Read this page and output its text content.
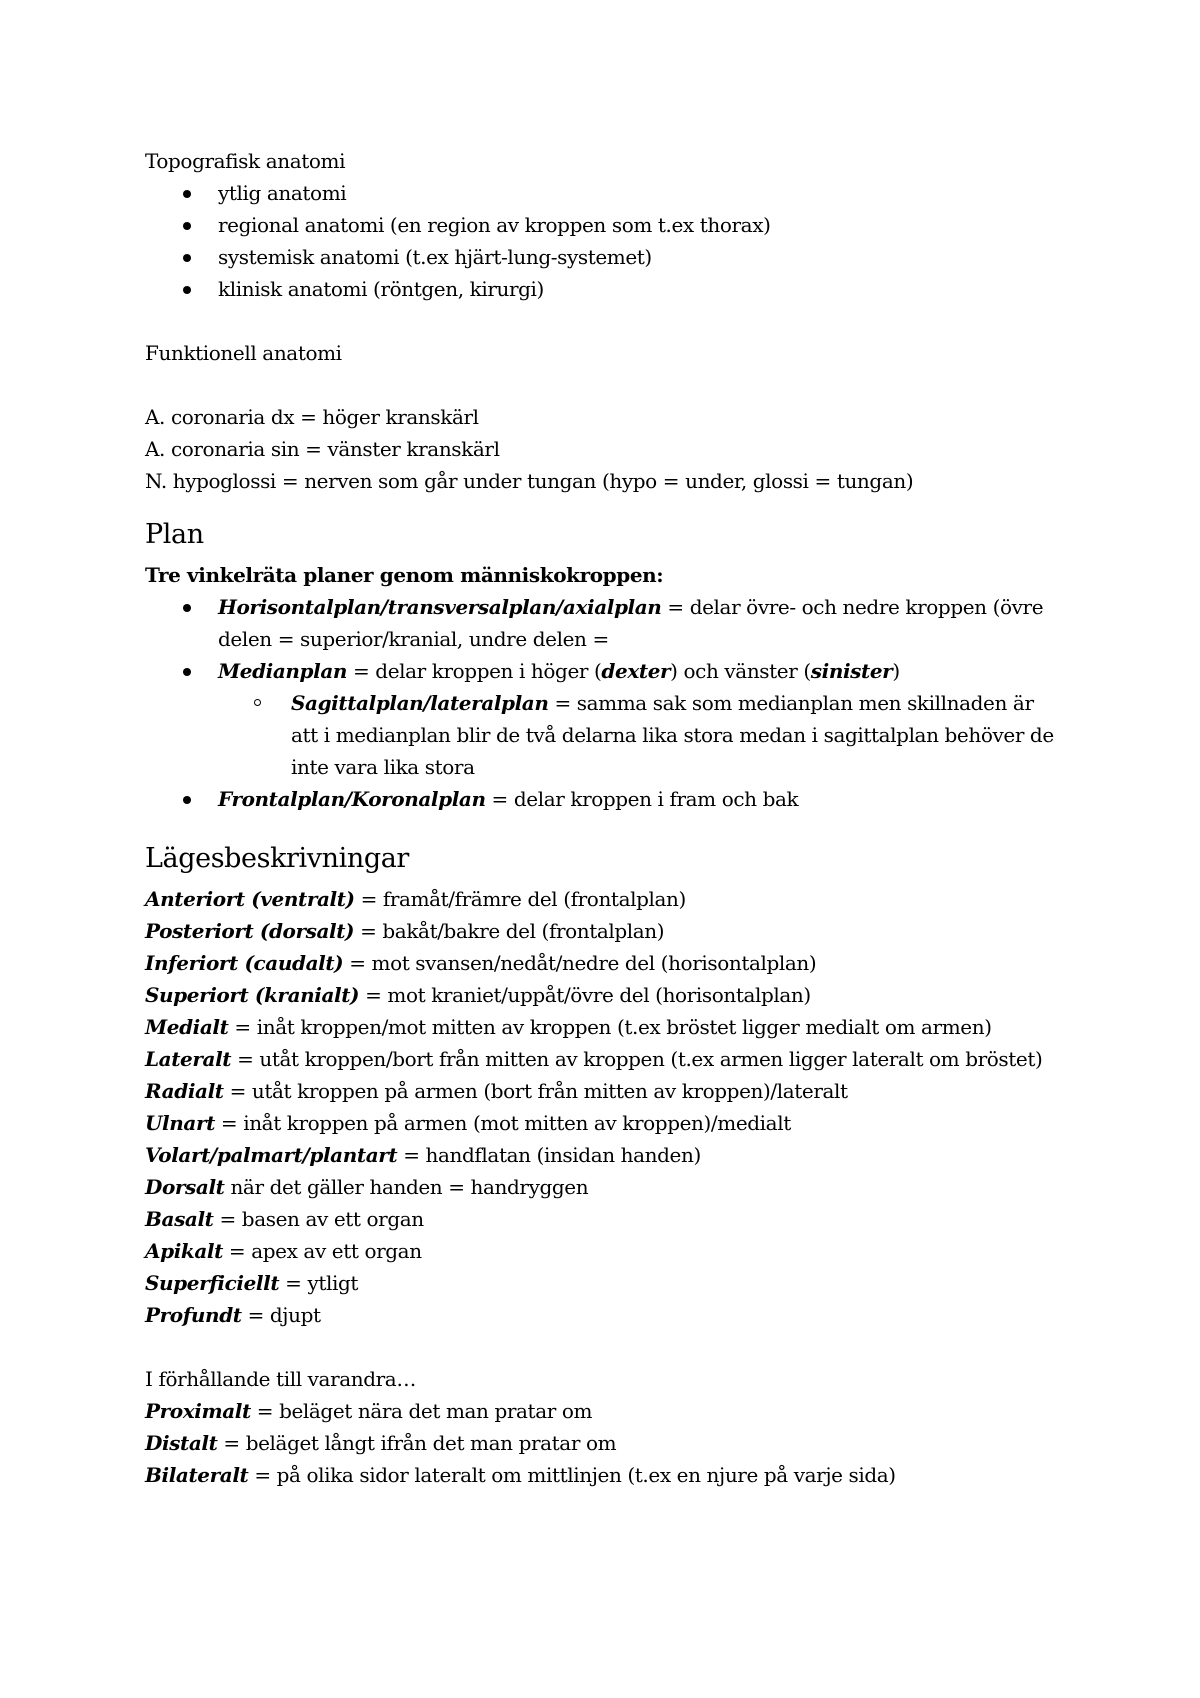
Topografisk anatomi

ytlig anatomi
regional anatomi (en region av kroppen som t.ex thorax)
systemisk anatomi (t.ex hjärt-lung-systemet)
klinisk anatomi (röntgen, kirurgi)

Funktionell anatomi

A. coronaria dx = höger kranskärl

A. coronaria sin = vänster kranskärl

N. hypoglossi = nerven som går under tungan (hypo = under, glossi = tungan)

Plan

Tre vinkelräta planer genom människokroppen:

Horisontalplan/transversalplan/axialplan = delar övre- och nedre kroppen (övre delen = superior/kranial, undre delen =
Medianplan = delar kroppen i höger (dexter) och vänster (sinister)
Sagittalplan/lateralplan = samma sak som medianplan men skillnaden är att i medianplan blir de två delarna lika stora medan i sagittalplan behöver de inte vara lika stora
Frontalplan/Koronalplan = delar kroppen i fram och bak
Lägesbeskrivningar

Anteriort (ventralt) = framåt/främre del (frontalplan)

Posteriort (dorsalt) = bakåt/bakre del (frontalplan)

Inferiort (caudalt) = mot svansen/nedåt/nedre del (horisontalplan)

Superiort (kranialt) = mot kraniet/uppåt/övre del (horisontalplan)

Medialt = inåt kroppen/mot mitten av kroppen (t.ex bröstet ligger medialt om armen)

Lateralt = utåt kroppen/bort från mitten av kroppen (t.ex armen ligger lateralt om bröstet)

Radialt = utåt kroppen på armen (bort från mitten av kroppen)/lateralt

Ulnart = inåt kroppen på armen (mot mitten av kroppen)/medialt

Volart/palmart/plantart = handflatan (insidan handen)

Dorsalt när det gäller handen = handryggen

Basalt = basen av ett organ

Apikalt = apex av ett organ

Superficiellt = ytligt

Profundt = djupt

I förhållande till varandra…

Proximalt = beläget nära det man pratar om

Distalt = beläget långt ifrån det man pratar om

Bilateralt = på olika sidor lateralt om mittlinjen (t.ex en njure på varje sida)
